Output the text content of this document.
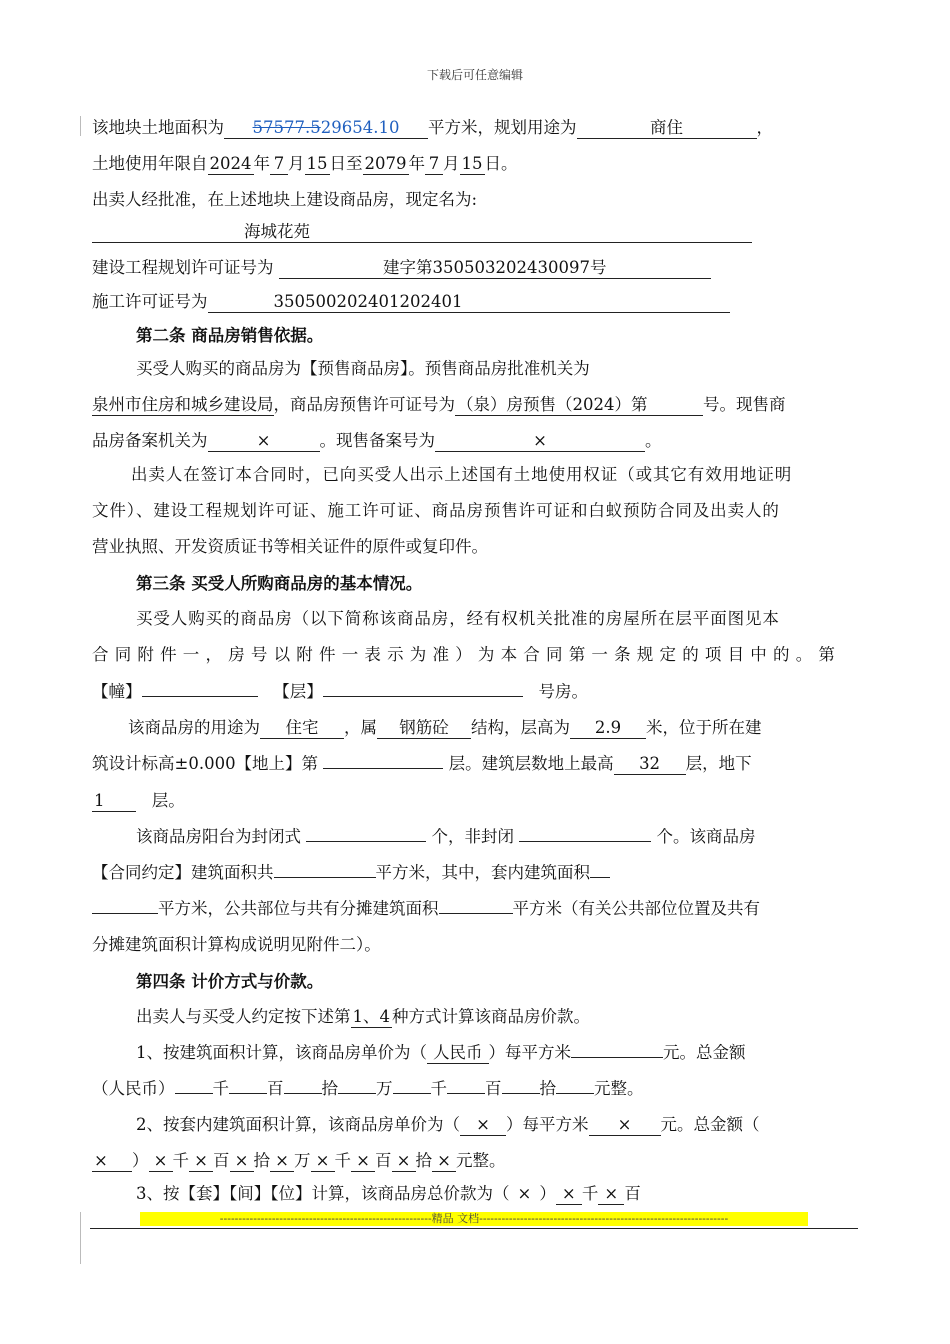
下载后可任意编辑
该地块土地面积为 57577.529654.10 平方米，规划用途为	商住	，
土地使用年限自 2024 年 7 月 15 日至 2079 年 7 月 15 日。
出卖人经批准，在上述地块上建设商品房，现定名为:
海城花苑
建设工程规划许可证号为	建字第350503202430097号
施工许可证号为	350500202401202401
第二条 商品房销售依据。
买受人购买的商品房为【预售商品房】。预售商品房批准机关为
泉州市住房和城乡建设局，商品房预售许可证号为 （泉）房预售（2024）第	号。现售商
品房备案机关为	×	。现售备案号为	×	。
出卖人在签订本合同时，已向买受人出示上述国有土地使用权证（或其它有效用地证明
文件）、建设工程规划许可证、施工许可证、商品房预售许可证和白蚁预防合同及出卖人的
营业执照、开发资质证书等相关证件的原件或复印件。
第三条 买受人所购商品房的基本情况。
买受人购买的商品房（以下简称该商品房，经有权机关批准的房屋所在层平面图见本
合同附件一，房号以附件一表示为准）为本合同第一条规定的项目中的。第
【幢】	【层】	号房。
该商品房的用途为 住宅 ，属 钢筋砼 结构，层高为 2.9 米，位于所在建
筑设计标高±0.000【地上】第	层。建筑层数地上最高 32 层，地下
1	层。
该商品房阳台为封闭式	个，非封闭	个。该商品房
【合同约定】建筑面积共	平方米，其中，套内建筑面积
平方米，公共部位与共有分摊建筑面积	平方米（有关公共部位位置及共有
分摊建筑面积计算构成说明见附件二）。
第四条 计价方式与价款。
出卖人与买受人约定按下述第 1、4 种方式计算该商品房价款。
1、按建筑面积计算，该商品房单价为（ 人民币 ）每平方米	元。总金额
（人民币） 千 百 拾 万 千 百 拾 元整。
2、按套内建筑面积计算，该商品房单价为（ × ）每平方米 × 元。总金额（
× ） × 千 × 百 × 拾 × 万 × 千 × 百 × 拾 × 元整。
3、按【套】【间】【位】计算，该商品房总价款为（ × ） × 千 × 百
---------------------------------------------------------精品 文档-------------------------------------------------------------------
